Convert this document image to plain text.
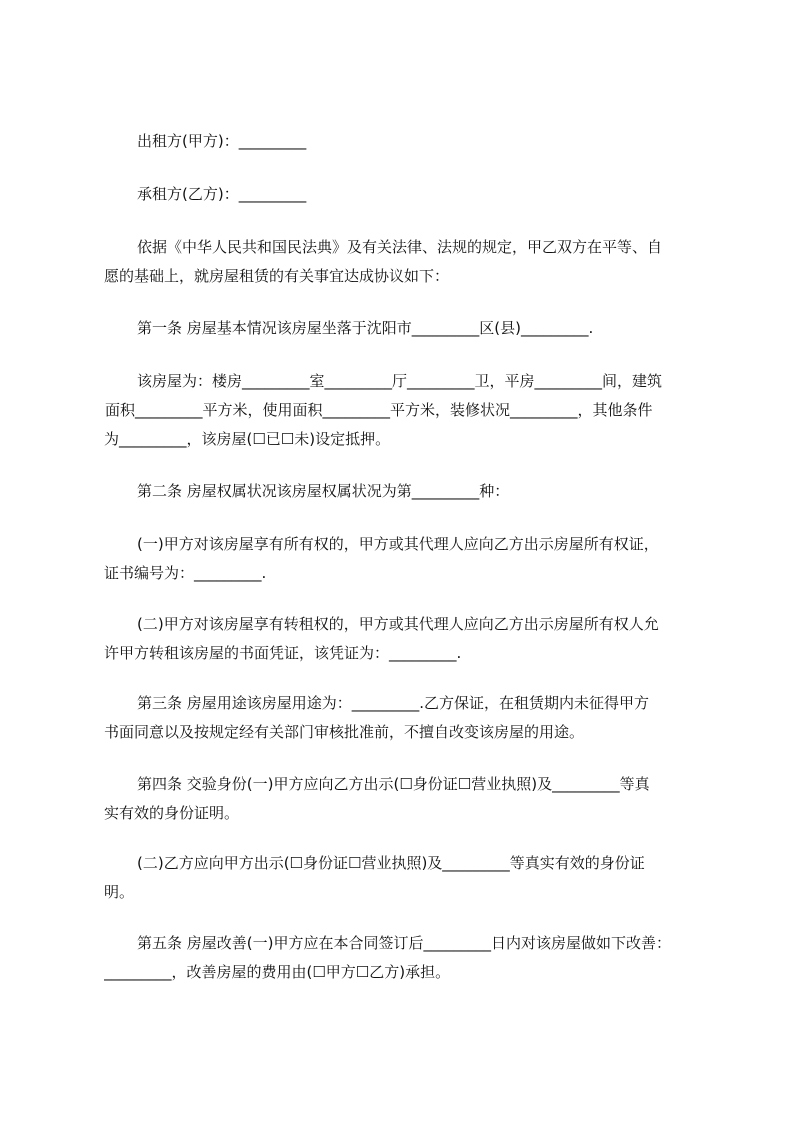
出租方(甲方)：_________

承租方(乙方)：_________

依据《中华人民共和国民法典》及有关法律、法规的规定，甲乙双方在平等、自
愿的基础上，就房屋租赁的有关事宜达成协议如下：

第一条 房屋基本情况该房屋坐落于沈阳市_________区(县)_________.

该房屋为：楼房_________室_________厅_________卫，平房_________间，建筑
面积_________平方米，使用面积_________平方米，装修状况_________，其他条件
为_________，该房屋(☐已☐未)设定抵押。

第二条 房屋权属状况该房屋权属状况为第_________种：

(一)甲方对该房屋享有所有权的，甲方或其代理人应向乙方出示房屋所有权证，
证书编号为：_________.

(二)甲方对该房屋享有转租权的，甲方或其代理人应向乙方出示房屋所有权人允
许甲方转租该房屋的书面凭证，该凭证为：_________.

第三条 房屋用途该房屋用途为：_________.乙方保证，在租赁期内未征得甲方
书面同意以及按规定经有关部门审核批准前，不擅自改变该房屋的用途。

第四条 交验身份(一)甲方应向乙方出示(☐身份证☐营业执照)及_________等真
实有效的身份证明。

(二)乙方应向甲方出示(☐身份证☐营业执照)及_________等真实有效的身份证
明。

第五条 房屋改善(一)甲方应在本合同签订后_________日内对该房屋做如下改善：
_________，改善房屋的费用由(☐甲方☐乙方)承担。
